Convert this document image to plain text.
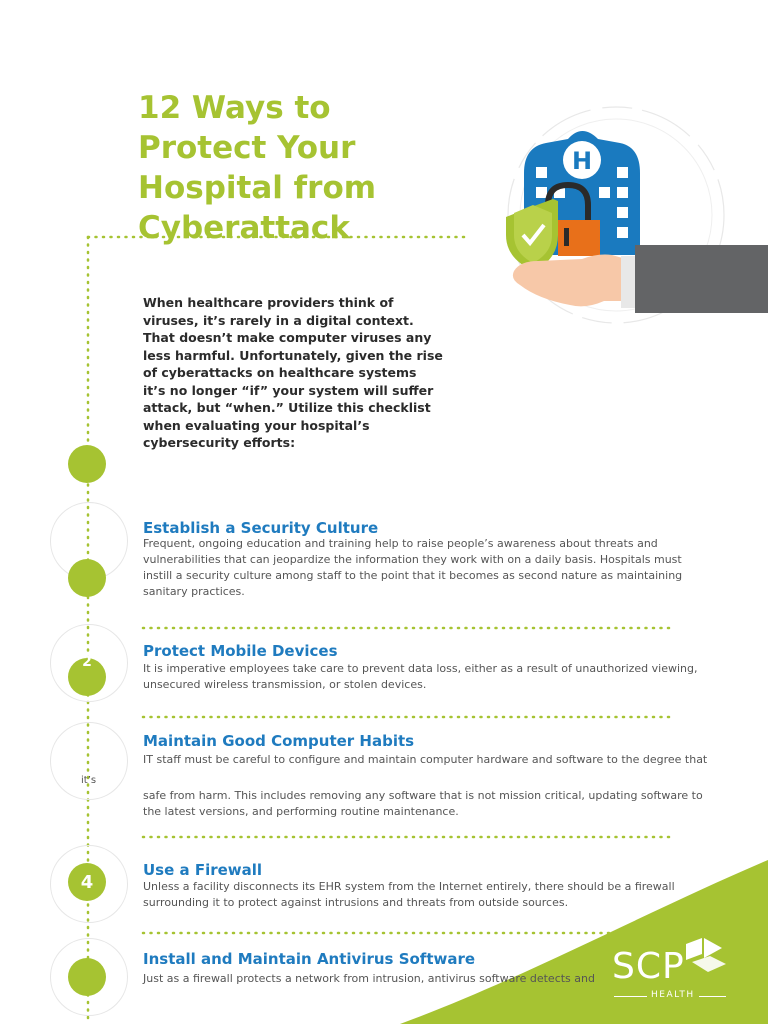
2
4
it’s
12 Ways to Protect Your Hospital from Cyberattack
When healthcare providers think of viruses, it’s rarely in a digital context. That doesn’t make computer viruses any less harmful. Unfortunately, given the rise of cyberattacks on healthcare systems it’s no longer “if” your system will suffer attack, but “when.” Utilize this checklist when evaluating your hospital’s cybersecurity efforts:
H
Establish a Security Culture

Frequent, ongoing education and training help to raise people’s awareness about threats and vulnerabilities that can jeopardize the information they work with on a daily basis. Hospitals must instill a security culture among staff to the point that it becomes as second nature as maintaining sanitary practices.

Protect Mobile Devices

It is imperative employees take care to prevent data loss, either as a result of unauthorized viewing, unsecured wireless transmission, or stolen devices.

Maintain Good Computer Habits

IT staff must be careful to configure and maintain computer hardware and software to the degree that

safe from harm. This includes removing any software that is not mission critical, updating software to the latest versions, and performing routine maintenance.

Use a Firewall

Unless a facility disconnects its EHR system from the Internet entirely, there should be a firewall surrounding it to protect against intrusions and threats from outside sources.

Install and Maintain Antivirus Software

Just as a firewall protects a network from intrusion, antivirus software detects and SCP
HEALTH
